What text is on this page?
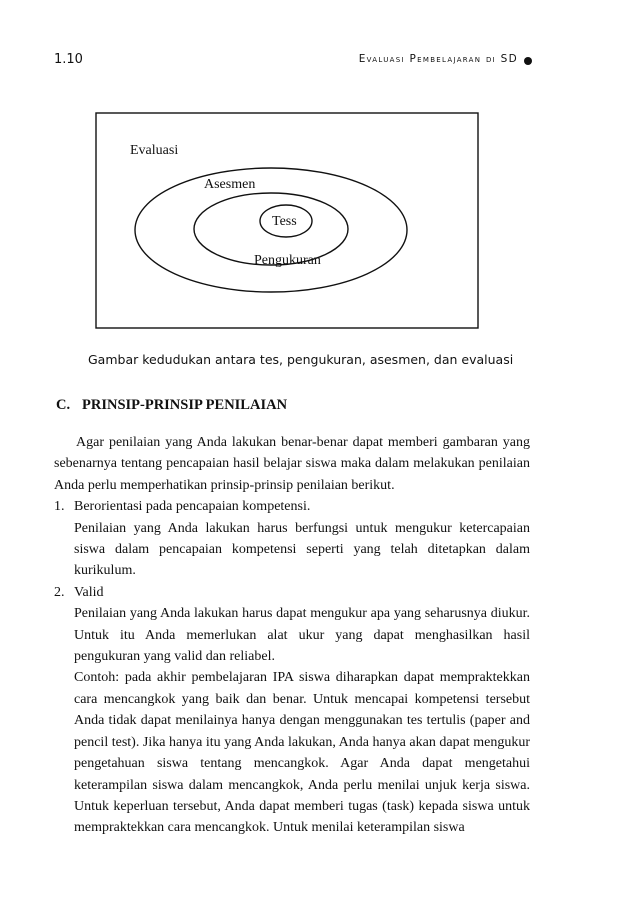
1.10	Evaluasi Pembelajaran di SD
Evaluasi
Asesmen
Tess
Pengukuran
Gambar kedudukan antara tes, pengukuran, asesmen, dan evaluasi
C. PRINSIP-PRINSIP PENILAIAN

Agar penilaian yang Anda lakukan benar-benar dapat memberi gambaran yang sebenarnya tentang pencapaian hasil belajar siswa maka dalam melakukan penilaian Anda perlu memperhatikan prinsip-prinsip penilaian berikut.

1. Berorientasi pada pencapaian kompetensi.

Penilaian yang Anda lakukan harus berfungsi untuk mengukur ketercapaian siswa dalam pencapaian kompetensi seperti yang telah ditetapkan dalam kurikulum.

2. Valid

Penilaian yang Anda lakukan harus dapat mengukur apa yang seharusnya diukur. Untuk itu Anda memerlukan alat ukur yang dapat menghasilkan hasil pengukuran yang valid dan reliabel.

Contoh: pada akhir pembelajaran IPA siswa diharapkan dapat mempraktekkan cara mencangkok yang baik dan benar. Untuk mencapai kompetensi tersebut Anda tidak dapat menilainya hanya dengan menggunakan tes tertulis (paper and pencil test). Jika hanya itu yang Anda lakukan, Anda hanya akan dapat mengukur pengetahuan siswa tentang mencangkok. Agar Anda dapat mengetahui keterampilan siswa dalam mencangkok, Anda perlu menilai unjuk kerja siswa. Untuk keperluan tersebut, Anda dapat memberi tugas (task) kepada siswa untuk mempraktekkan cara mencangkok. Untuk menilai keterampilan siswa
